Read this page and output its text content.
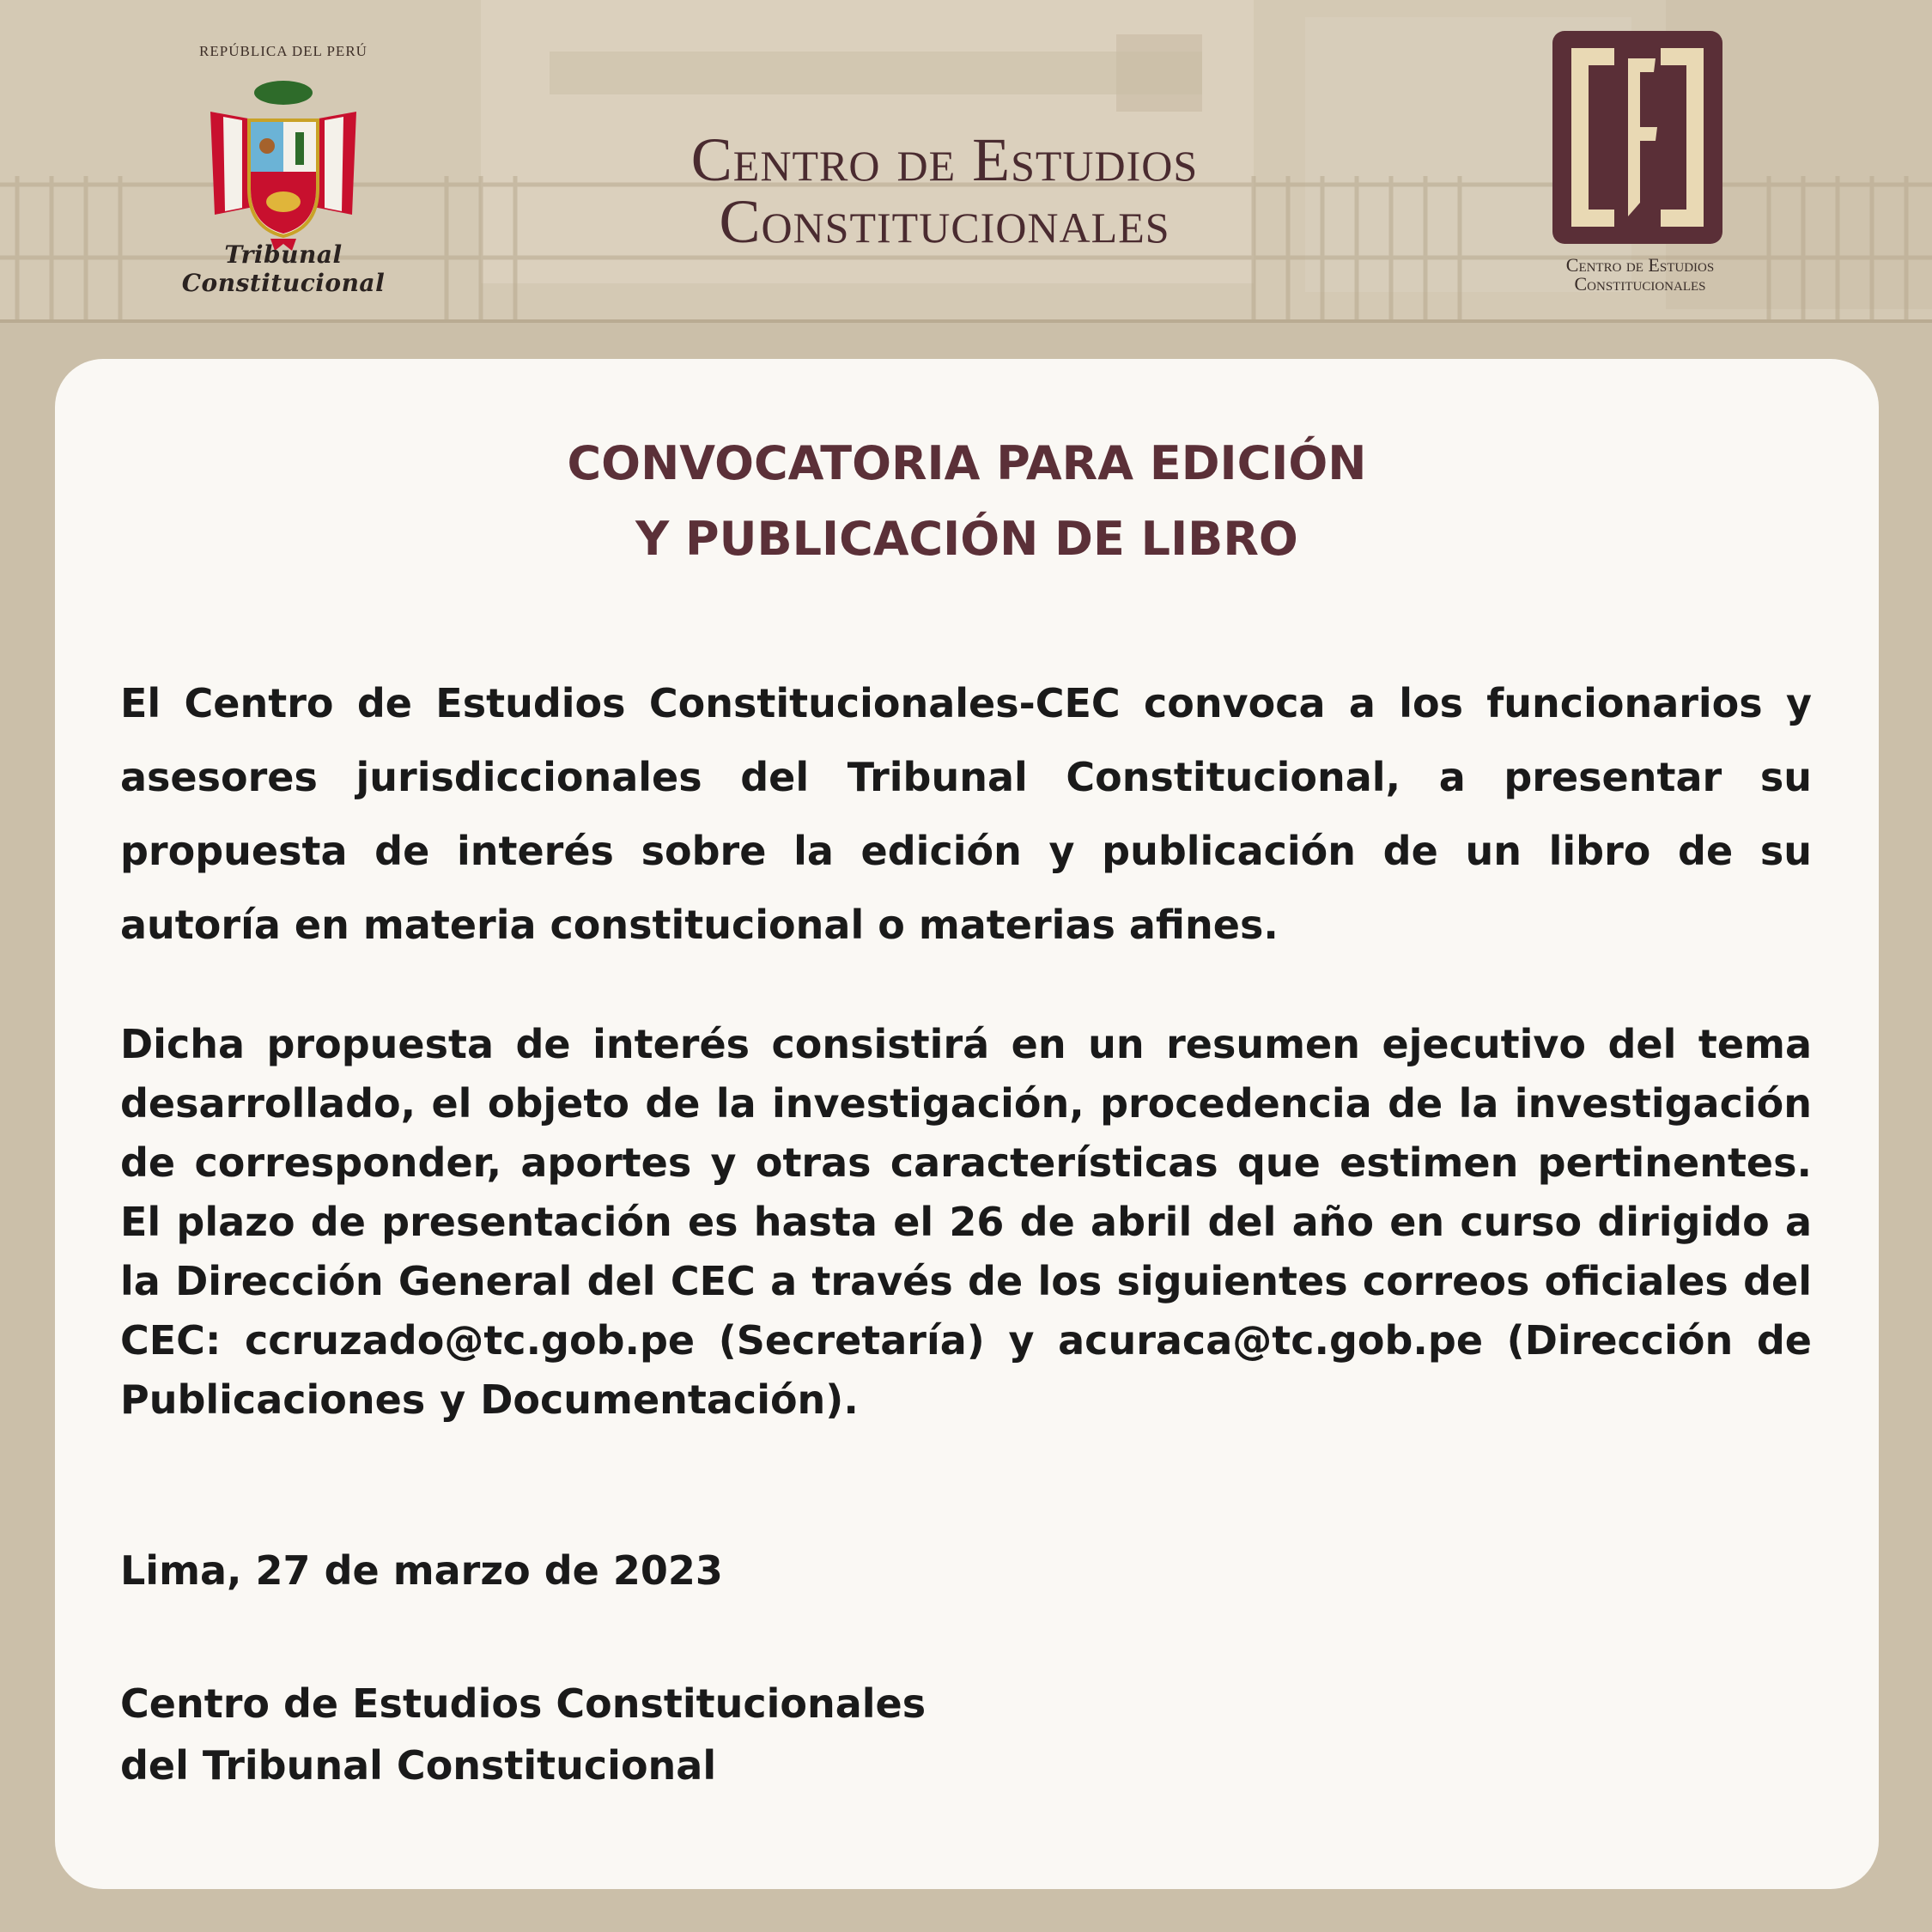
REPÚBLICA DEL PERÚ
Tribunal Constitucional
Centro de Estudios
Constitucionales
Centro de Estudios
Constitucionales
CONVOCATORIA PARA EDICIÓN
Y PUBLICACIÓN DE LIBRO

El Centro de Estudios Constitucionales-CEC convoca a los funcionarios y asesores jurisdiccionales del Tribunal Constitucional, a presentar su propuesta de interés sobre la edición y publicación de un libro de su autoría en materia constitucional o materias afines.

Dicha propuesta de interés consistirá en un resumen ejecutivo del tema desarrollado, el objeto de la investigación, procedencia de la investigación de corresponder, aportes y otras características que estimen pertinentes. El plazo de presentación es hasta el 26 de abril del año en curso dirigido a la Dirección General del CEC a través de los siguientes correos oficiales del CEC: ccruzado@tc.gob.pe (Secretaría) y acuraca@tc.gob.pe (Dirección de Publicaciones y Documentación).

Lima, 27 de marzo de 2023
Centro de Estudios Constitucionales
del Tribunal Constitucional
